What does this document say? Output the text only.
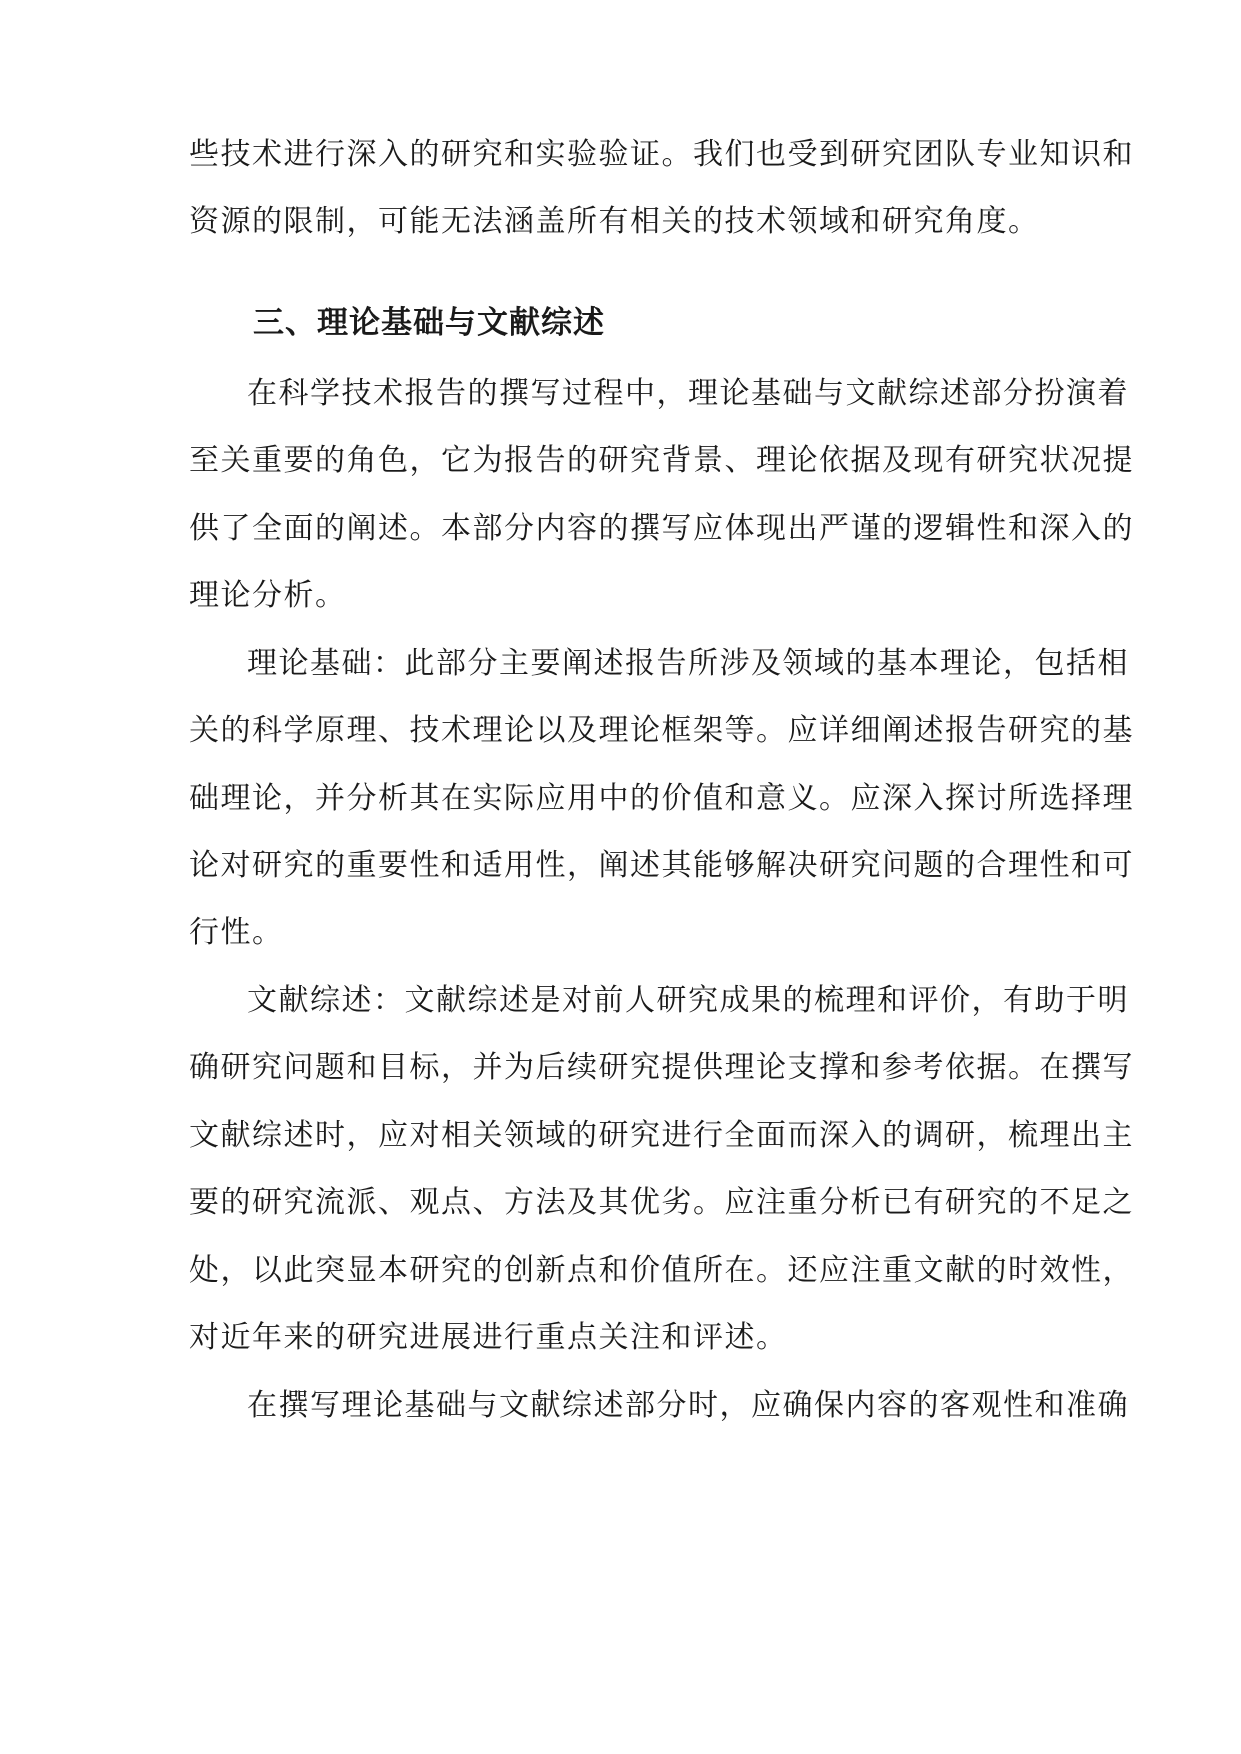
些技术进行深入的研究和实验验证。我们也受到研究团队专业知识和
资源的限制，可能无法涵盖所有相关的技术领域和研究角度。
三、理论基础与文献综述
在科学技术报告的撰写过程中，理论基础与文献综述部分扮演着
至关重要的角色，它为报告的研究背景、理论依据及现有研究状况提
供了全面的阐述。本部分内容的撰写应体现出严谨的逻辑性和深入的
理论分析。
理论基础：此部分主要阐述报告所涉及领域的基本理论，包括相
关的科学原理、技术理论以及理论框架等。应详细阐述报告研究的基
础理论，并分析其在实际应用中的价值和意义。应深入探讨所选择理
论对研究的重要性和适用性，阐述其能够解决研究问题的合理性和可
行性。
文献综述：文献综述是对前人研究成果的梳理和评价，有助于明
确研究问题和目标，并为后续研究提供理论支撑和参考依据。在撰写
文献综述时，应对相关领域的研究进行全面而深入的调研，梳理出主
要的研究流派、观点、方法及其优劣。应注重分析已有研究的不足之
处，以此突显本研究的创新点和价值所在。还应注重文献的时效性，
对近年来的研究进展进行重点关注和评述。
在撰写理论基础与文献综述部分时，应确保内容的客观性和准确
